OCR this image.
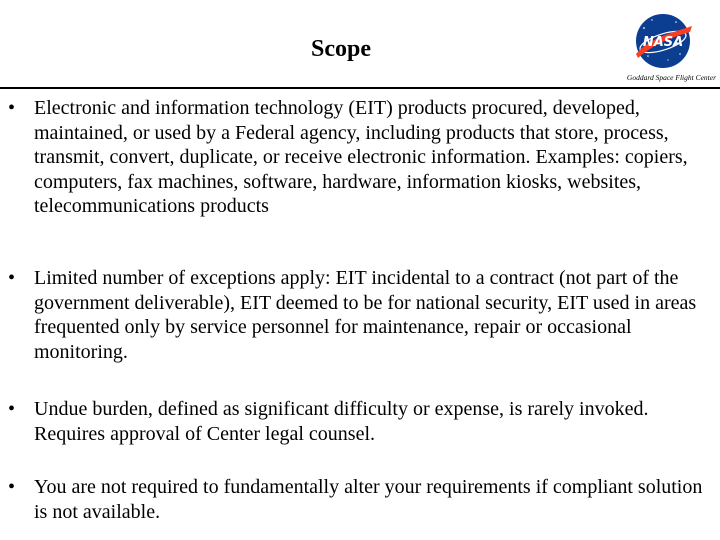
Scope	NASA
Goddard Space Flight Center
• Electronic and information technology (EIT) products procured, developed, maintained, or used by a Federal agency, including products that store, process, transmit, convert, duplicate, or receive electronic information. Examples: copiers, computers, fax machines, software, hardware, information kiosks, websites, telecommunications products
• Limited number of exceptions apply: EIT incidental to a contract (not part of the government deliverable), EIT deemed to be for national security, EIT used in areas frequented only by service personnel for maintenance, repair or occasional monitoring.
• Undue burden, defined as significant difficulty or expense, is rarely invoked. Requires approval of Center legal counsel.
• You are not required to fundamentally alter your requirements if compliant solution is not available.
